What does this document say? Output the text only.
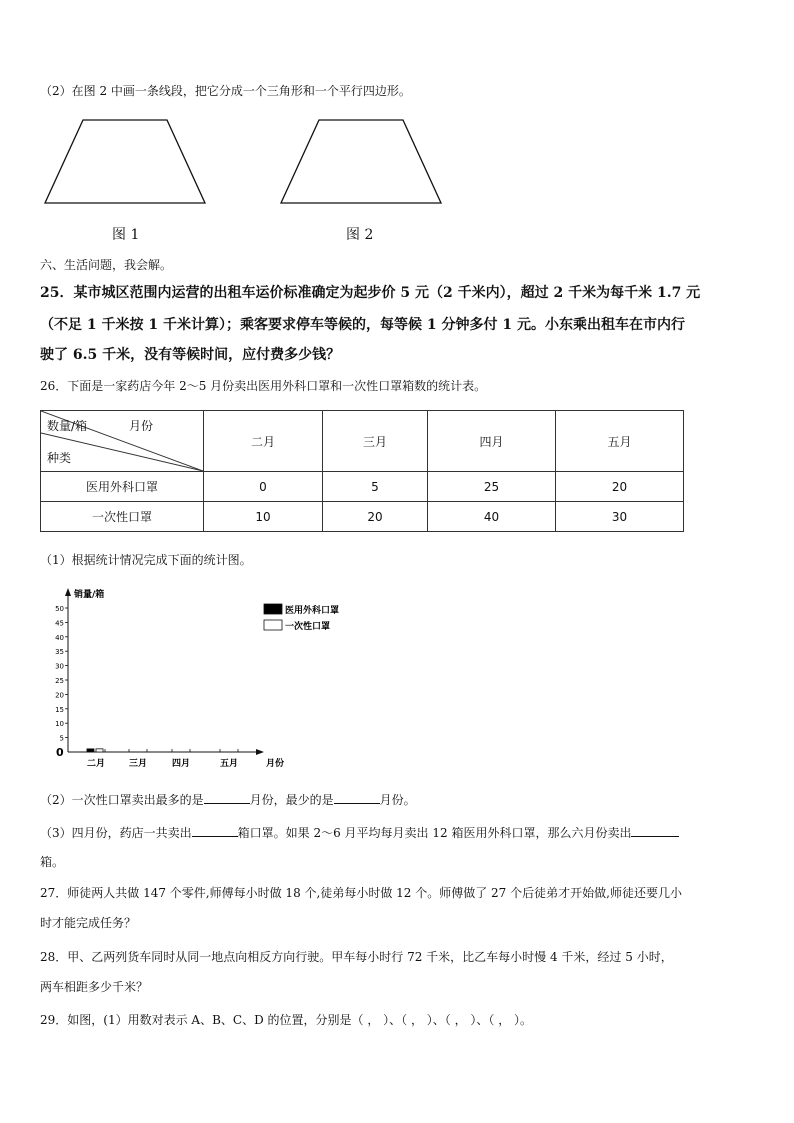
（2）在图 2 中画一条线段，把它分成一个三角形和一个平行四边形。
图 1	图 2
六、生活问题，我会解。
25．某市城区范围内运营的出租车运价标准确定为起步价 5 元（2 千米内），超过 2 千米为每千米 1.7 元
（不足 1 千米按 1 千米计算）；乘客要求停车等候的，每等候 1 分钟多付 1 元。小东乘出租车在市内行
驶了 6.5 千米，没有等候时间，应付费多少钱？
26．下面是一家药店今年 2～5 月份卖出医用外科口罩和一次性口罩箱数的统计表。
数量/箱 月份
种类	二月	三月	四月	五月
医用外科口罩	0	5	25	20
一次性口罩	10	20	40	30
（1）根据统计情况完成下面的统计图。
销量/箱
0
5
10
15
20
25
30
35
40
45
50
二月	三月	四月	五月	月份
医用外科口罩
一次性口罩
（2）一次性口罩卖出最多的是	月份，最少的是	月份。
（3）四月份，药店一共卖出	箱口罩。如果 2～6 月平均每月卖出 12 箱医用外科口罩，那么六月份卖出
箱。
27．师徒两人共做 147 个零件,师傅每小时做 18 个,徒弟每小时做 12 个。师傅做了 27 个后徒弟才开始做,师徒还要几小
时才能完成任务？
28．甲、乙两列货车同时从同一地点向相反方向行驶。甲车每小时行 72 千米，比乙车每小时慢 4 千米，经过 5 小时，
两车相距多少千米？
29．如图，(1）用数对表示 A、B、C、D 的位置，分别是（ ， ）、（ ， ）、（ ， ）、（ ， ）。
